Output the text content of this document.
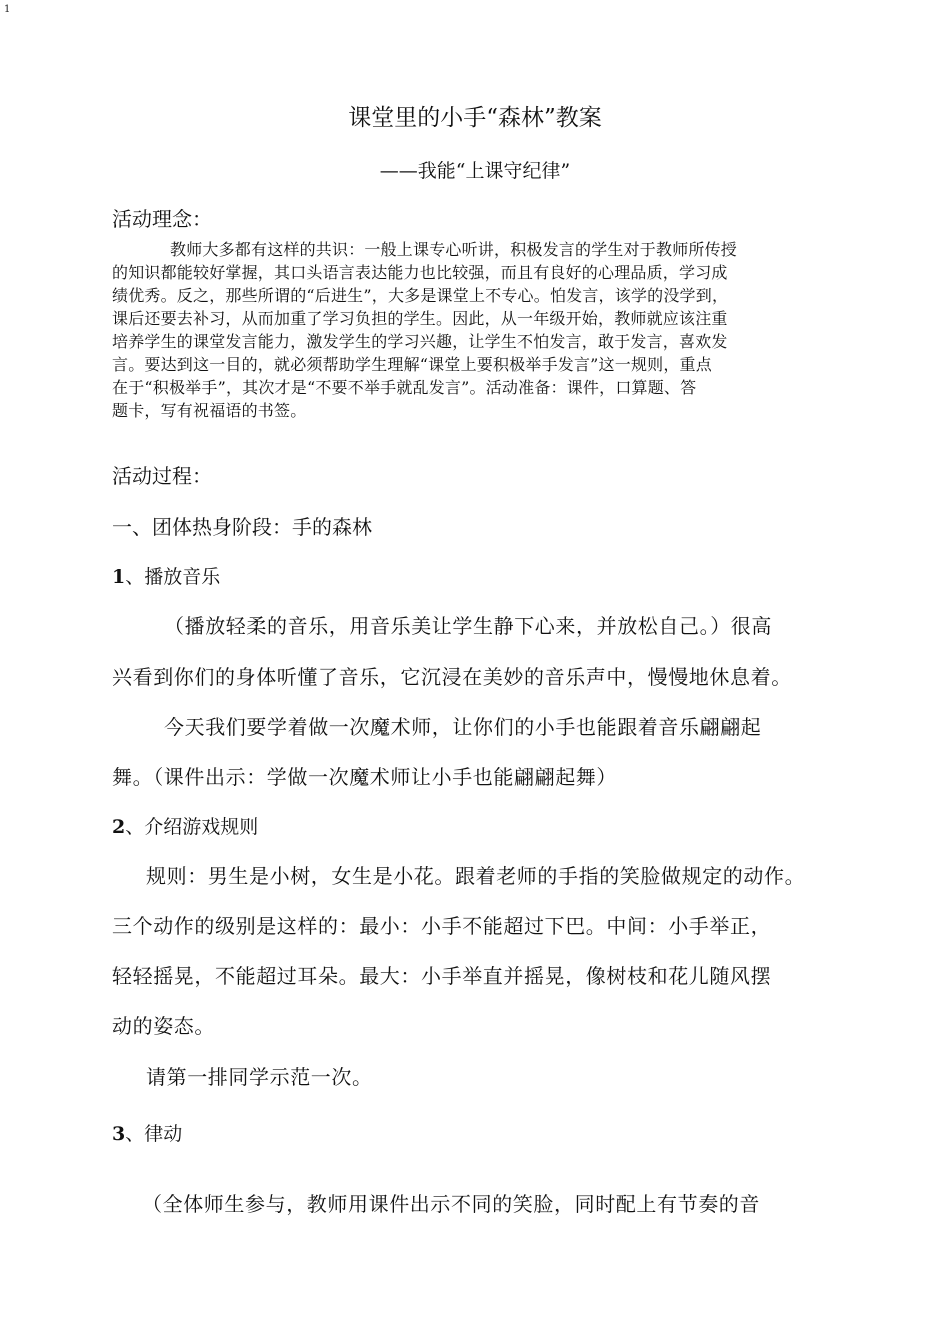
1
课堂里的小手“森林”教案
——我能“上课守纪律”
活动理念：
教师大多都有这样的共识：一般上课专心听讲，积极发言的学生对于教师所传授
的知识都能较好掌握，其口头语言表达能力也比较强，而且有良好的心理品质，学习成
绩优秀。反之，那些所谓的“后进生”，大多是课堂上不专心。怕发言，该学的没学到，
课后还要去补习，从而加重了学习负担的学生。因此，从一年级开始，教师就应该注重
培养学生的课堂发言能力，激发学生的学习兴趣，让学生不怕发言，敢于发言，喜欢发
言。要达到这一目的，就必须帮助学生理解“课堂上要积极举手发言”这一规则，重点
在于“积极举手”，其次才是“不要不举手就乱发言”。活动准备：课件，口算题、答
题卡，写有祝福语的书签。
活动过程：
一、团体热身阶段：手的森林
1、播放音乐
（播放轻柔的音乐，用音乐美让学生静下心来，并放松自己。）很高
兴看到你们的身体听懂了音乐，它沉浸在美妙的音乐声中，慢慢地休息着。
今天我们要学着做一次魔术师，让你们的小手也能跟着音乐翩翩起
舞。（课件出示：学做一次魔术师让小手也能翩翩起舞）
2、介绍游戏规则
规则：男生是小树，女生是小花。跟着老师的手指的笑脸做规定的动作。
三个动作的级别是这样的：最小：小手不能超过下巴。中间：小手举正，
轻轻摇晃，不能超过耳朵。最大：小手举直并摇晃，像树枝和花儿随风摆
动的姿态。
请第一排同学示范一次。
3、律动
（全体师生参与，教师用课件出示不同的笑脸，同时配上有节奏的音
